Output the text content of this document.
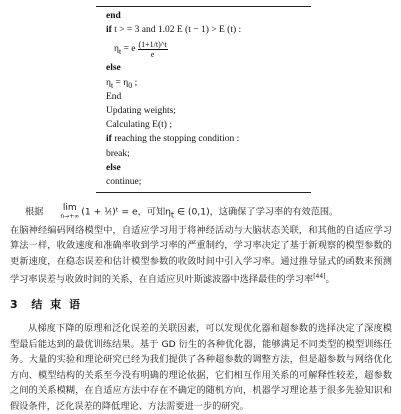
end
if t > = 3 and 1.02 E (t − 1) > E (t) :
$\eta_t = e \frac{(1+1/t)\^{}t}{e}$
else
$\eta_t = \eta_0$ ;
End
Updating weights;
Calculating E(t) ;
if reaching the stopping condition :
break;
else
continue;
根据 lim
n→+∞ (1 + ¹⁄ₜ)ᵗ = e，可知$\eta_t$ ∈ (0,1)，这确保了学习率的有效范围。
在脑神经编码网络模型中，自适应学习用于将神经活动与大脑状态关联，和其他的自适应学习算法一样，收敛速度和准确率收到学习率的严重制约，学习率决定了基于新观察的模型参数的更新速度，在稳态误差和估计模型参数的收敛时间中引入学习率。通过推导显式的函数来预测学习率误差与收敛时间的关系，在自适应贝叶斯滤波器中选择最佳的学习率[44]。
3 结 束 语

从梯度下降的原理和泛化误差的关联因素，可以发现优化器和超参数的选择决定了深度模型最后能达到的最优训练结果。基于 GD 衍生的各种优化器，能够满足不同类型的模型训练任务。大量的实验和理论研究已经为我们提供了各种超参数的调整方法，但是超参数与网络优化方向、模型结构的关系至今没有明确的理论依据，它们相互作用关系的可解释性较差，超参数之间的关系模糊，在自适应方法中存在不确定的随机方向，机器学习理论基于很多先验知识和假设条件，泛化误差的降低理论、方法需要进一步的研究。
